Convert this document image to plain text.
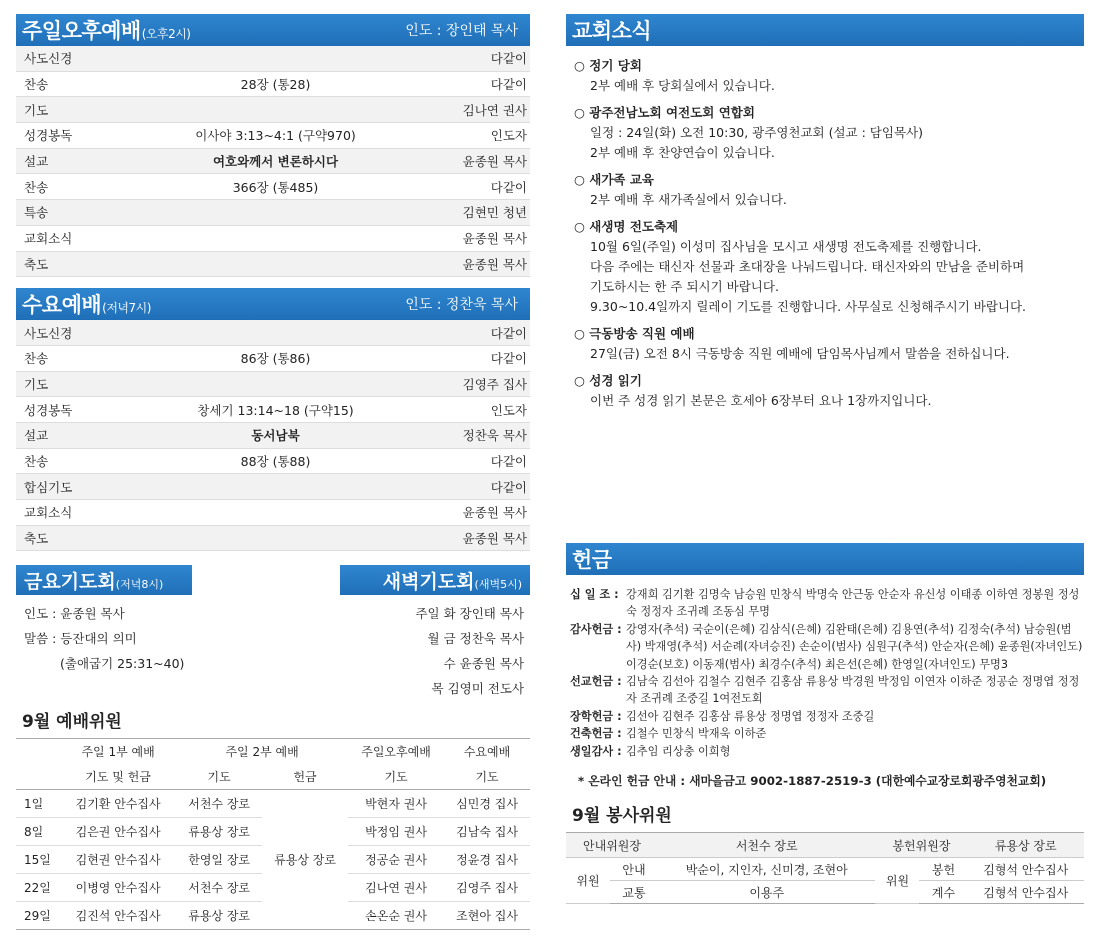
주일오후예배(오후2시)	인도 : 장인태 목사
사도신경		다같이
찬송	28장 (통28)	다같이
기도		김나연 권사
성경봉독	이사야 3:13~4:1 (구약970)	인도자
설교	여호와께서 변론하시다	윤종원 목사
찬송	366장 (통485)	다같이
특송		김현민 청년
교회소식		윤종원 목사
축도		윤종원 목사
수요예배(저녁7시)	인도 : 정찬욱 목사
사도신경		다같이
찬송	86장 (통86)	다같이
기도		김영주 집사
성경봉독	창세기 13:14~18 (구약15)	인도자
설교	동서남북	정찬욱 목사
찬송	88장 (통88)	다같이
합심기도		다같이
교회소식		윤종원 목사
축도		윤종원 목사
금요기도회(저녁8시)	새벽기도회(새벽5시)
인도 : 윤종원 목사
말씀 : 등잔대의 의미
(출애굽기 25:31~40)
주일 화 장인태 목사
월 금 정찬욱 목사
수 윤종원 목사
목 김영미 전도사
9월 예배위원
	주일 1부 예배	주일 2부 예배		주일오후예배	수요예배
	기도 및 헌금	기도	헌금	기도	기도
1일	김기환 안수집사	서천수 장로	류용상 장로	박현자 권사	심민경 집사
8일	김은권 안수집사	류용상 장로		박정임 권사	김남숙 집사
15일	김현권 안수집사	한영일 장로		정공순 권사	정윤경 집사
22일	이병영 안수집사	서천수 장로		김나연 권사	김영주 집사
29일	김진석 안수집사	류용상 장로		손온순 권사	조현아 집사
교회소식
○ 정기 당회
2부 예배 후 당회실에서 있습니다.
○ 광주전남노회 여전도회 연합회
일정 : 24일(화) 오전 10:30, 광주영천교회 (설교 : 담임목사)
2부 예배 후 찬양연습이 있습니다.
○ 새가족 교육
2부 예배 후 새가족실에서 있습니다.
○ 새생명 전도축제
10월 6일(주일) 이성미 집사님을 모시고 새생명 전도축제를 진행합니다.
다음 주에는 태신자 선물과 초대장을 나눠드립니다. 태신자와의 만남을 준비하며
기도하시는 한 주 되시기 바랍니다.
9.30~10.4일까지 릴레이 기도를 진행합니다. 사무실로 신청해주시기 바랍니다.
○ 극동방송 직원 예배
27일(금) 오전 8시 극동방송 직원 예배에 담임목사님께서 말씀을 전하십니다.
○ 성경 읽기
이번 주 성경 읽기 본문은 호세아 6장부터 요나 1장까지입니다.
헌금
십 일 조 : 강재희 김기환 김명숙 남승원 민창식 박명숙 안근동 안순자 유신성 이태종 이하연 정봉원 정성숙 정정자 조귀례 조동심 무명
감사헌금 : 강영자(추석) 국순이(은혜) 김삼식(은혜) 김완태(은혜) 김용연(추석) 김정숙(추석) 남승원(범사) 박재영(추석) 서순례(자녀승진) 손순이(범사) 심원구(추석) 안순자(은혜) 윤종원(자녀인도) 이경순(보호) 이동재(범사) 최경수(추석) 최은선(은혜) 한영일(자녀인도) 무명3
선교헌금 : 김남숙 김선아 김철수 김현주 김홍삼 류용상 박경원 박정임 이연자 이하준 정공순 정명엽 정정자 조귀례 조중길 1여전도회
장학헌금 : 김선아 김현주 김홍삼 류용상 정명엽 정정자 조중길
건축헌금 : 김철수 민창식 박재욱 이하준
생일감사 : 김추임 리상충 이희형
* 온라인 헌금 안내 : 새마을금고 9002-1887-2519-3 (대한예수교장로회광주영천교회)
9월 봉사위원
안내위원장		서천수 장로	봉헌위원장		류용상 장로
위원	안내	박순이, 지인자, 신미경, 조현아	위원	봉헌	김형석 안수집사
	교통	이용주		계수	김형석 안수집사
